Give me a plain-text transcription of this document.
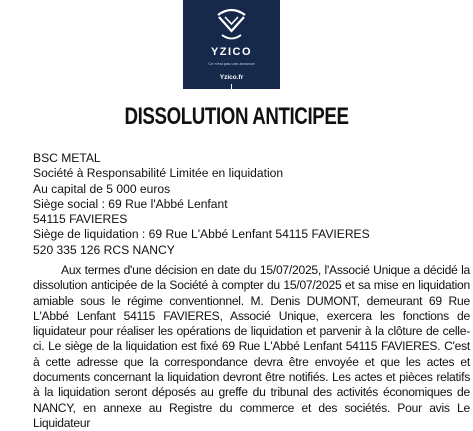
YZICO
Ce n'est pas une annonce
Yzico.fr
DISSOLUTION ANTICIPEE
BSC METAL
Société à Responsabilité Limitée en liquidation
Au capital de 5 000 euros
Siège social : 69 Rue l'Abbé Lenfant
54115 FAVIERES
Siège de liquidation : 69 Rue L'Abbé Lenfant 54115 FAVIERES
520 335 126 RCS NANCY
Aux termes d'une décision en date du 15/07/2025, l'Associé Unique a décidé la dissolution anticipée de la Société à compter du 15/07/2025 et sa mise en liquidation amiable sous le régime conventionnel. M. Denis DUMONT, demeurant 69 Rue L'Abbé Lenfant 54115 FAVIERES, Associé Unique, exercera les fonctions de liquidateur pour réaliser les opérations de liquidation et parvenir à la clôture de celle-ci. Le siège de la liquidation est fixé 69 Rue L'Abbé Lenfant 54115 FAVIERES. C'est à cette adresse que la correspondance devra être envoyée et que les actes et documents concernant la liquidation devront être notifiés. Les actes et pièces relatifs à la liquidation seront déposés au greffe du tribunal des activités économiques de NANCY, en annexe au Registre du commerce et des sociétés. Pour avis Le Liquidateur
